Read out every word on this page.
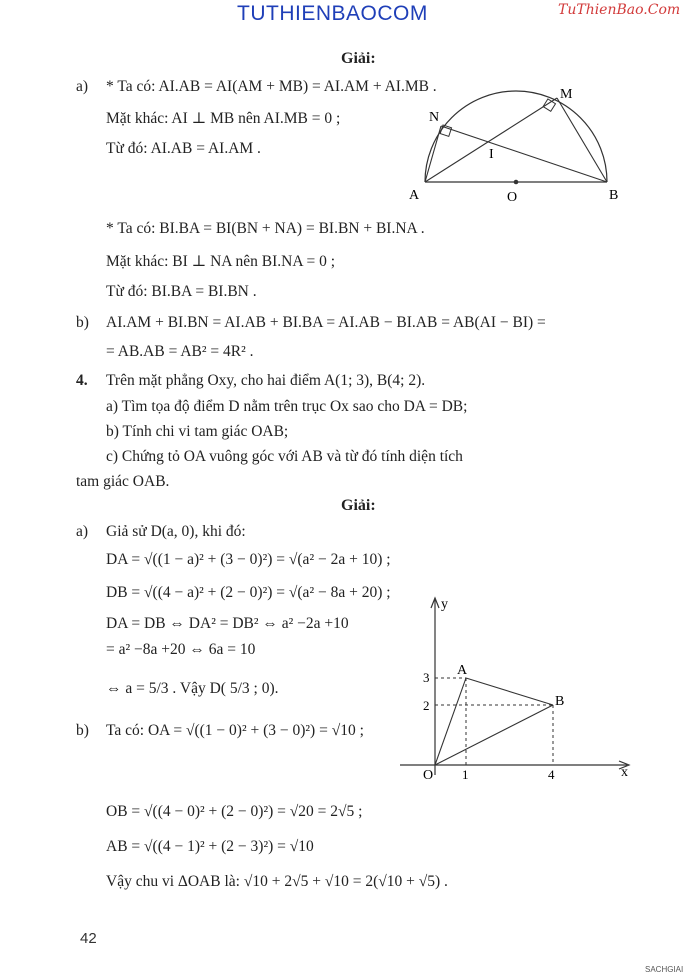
TUTHIENBAOCOM	TuThienBao.Com
Giải:
a) * Ta có: AI.AB = AI(AM + MB) = AI.AM + AI.MB .
Mặt khác: AI ⊥ MB nên AI.MB = 0 ;
Từ đó: AI.AB = AI.AM .
* Ta có: BI.BA = BI(BN + NA) = BI.BN + BI.NA .
Mặt khác: BI ⊥ NA nên BI.NA = 0 ;
Từ đó: BI.BA = BI.BN .
b) AI.AM + BI.BN = AI.AB + BI.BA = AI.AB − BI.AB = AB(AI − BI) =
= AB.AB = AB² = 4R² .
N
M
I
A	O	B
4. Trên mặt phẳng Oxy, cho hai điểm A(1; 3), B(4; 2).
a) Tìm tọa độ điểm D nằm trên trục Ox sao cho DA = DB;
b) Tính chi vi tam giác OAB;
c) Chứng tỏ OA vuông góc với AB và từ đó tính diện tích
tam giác OAB.
Giải:
a) Giả sử D(a, 0), khi đó:
DA = √((1 − a)² + (3 − 0)²) = √(a² − 2a + 10) ;
DB = √((4 − a)² + (2 − 0)²) = √(a² − 8a + 20) ;
DA = DB ⇔ DA² = DB² ⇔ a² −2a +10
= a² −8a +20 ⇔ 6a = 10
⇔ a = 5/3 . Vậy D( 5/3 ; 0).
b) Ta có: OA = √((1 − 0)² + (3 − 0)²) = √10 ;
OB = √((4 − 0)² + (2 − 0)²) = √20 = 2√5 ;
AB = √((4 − 1)² + (2 − 3)²) = √10
Vậy chu vi ΔOAB là: √10 + 2√5 + √10 = 2(√10 + √5) .
y
x
O 1	4
3
2
A
B
42
SACHGIAI
